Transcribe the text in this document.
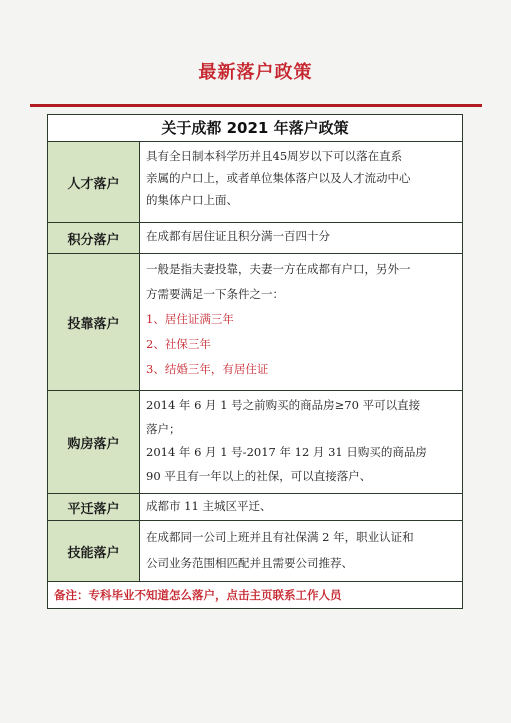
最新落户政策
关于成都 2021 年落户政策
人才落户
具有全日制本科学历并且45周岁以下可以落在直系
亲属的户口上，或者单位集体落户以及人才流动中心
的集体户口上面、
积分落户	在成都有居住证且积分满一百四十分
投靠落户
一般是指夫妻投靠，夫妻一方在成都有户口，另外一
方需要满足一下条件之一：
1、居住证满三年
2、社保三年
3、结婚三年，有居住证
购房落户
2014 年 6 月 1 号之前购买的商品房≥70 平可以直接
落户；
2014 年 6 月 1 号-2017 年 12 月 31 日购买的商品房
90 平且有一年以上的社保，可以直接落户、
平迁落户	成都市 11 主城区平迁、
技能落户
在成都同一公司上班并且有社保满 2 年，职业认证和
公司业务范围相匹配并且需要公司推荐、
备注：专科毕业不知道怎么落户，点击主页联系工作人员
